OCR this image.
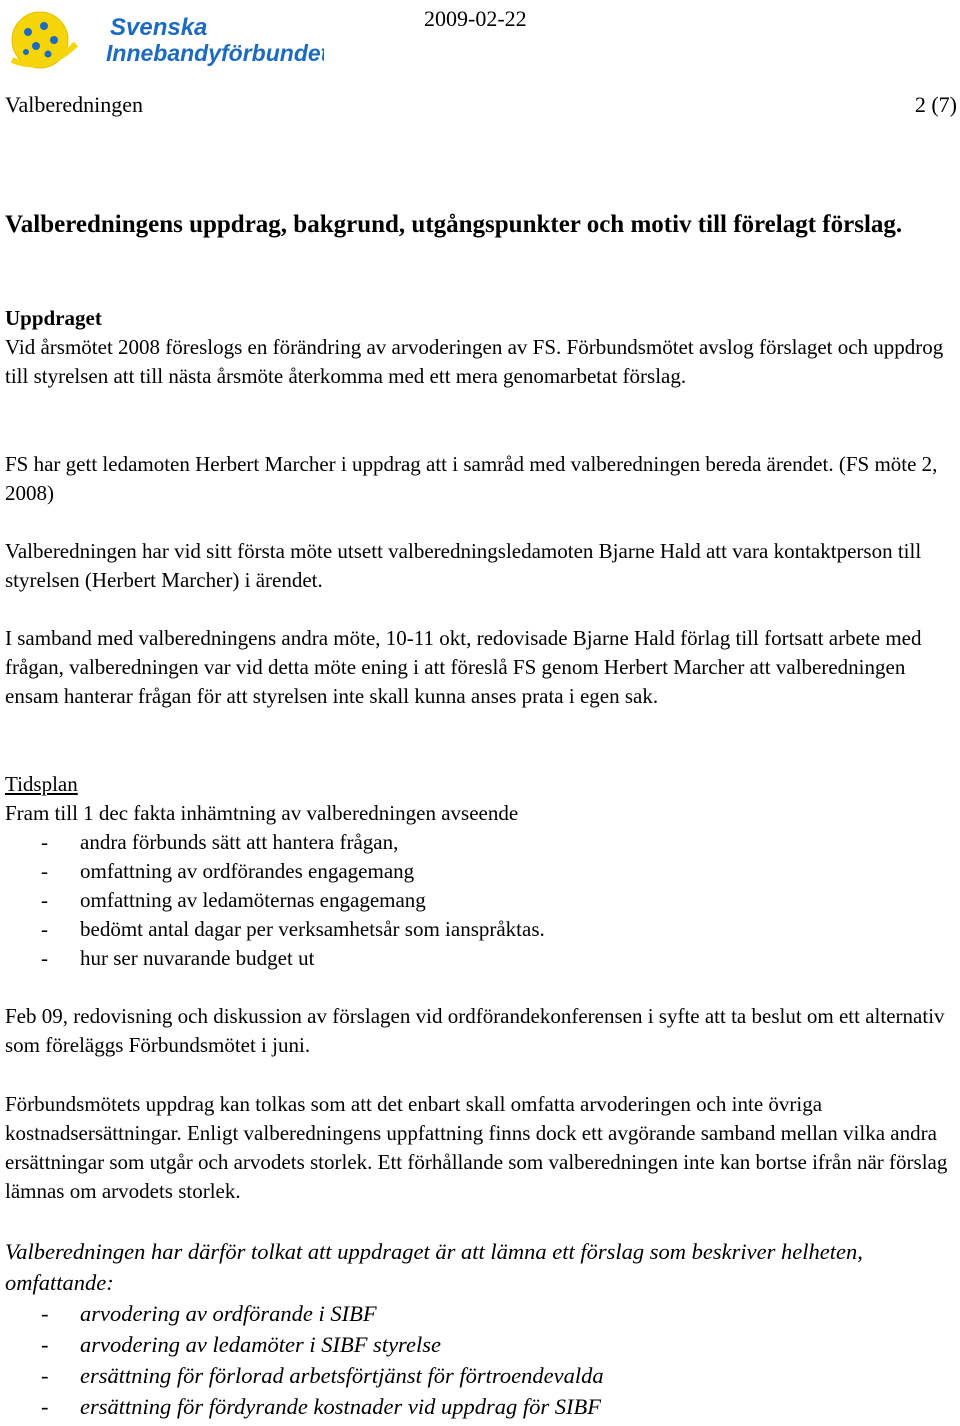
Svenska
Innebandyförbundet
2009-02-22
Valberedningen	2 (7)
Valberedningens uppdrag, bakgrund, utgångspunkter och motiv till förelagt förslag.

Uppdraget

Vid årsmötet 2008 föreslogs en förändring av arvoderingen av FS. Förbundsmötet avslog förslaget och uppdrog till styrelsen att till nästa årsmöte återkomma med ett mera genomarbetat förslag.

FS har gett ledamoten Herbert Marcher i uppdrag att i samråd med valberedningen bereda ärendet. (FS möte 2, 2008)

Valberedningen har vid sitt första möte utsett valberedningsledamoten Bjarne Hald att vara kontaktperson till styrelsen (Herbert Marcher) i ärendet.

I samband med valberedningens andra möte, 10-11 okt, redovisade Bjarne Hald förlag till fortsatt arbete med frågan, valberedningen var vid detta möte ening i att föreslå FS genom Herbert Marcher att valberedningen ensam hanterar frågan för att styrelsen inte skall kunna anses prata i egen sak.

Tidsplan

Fram till 1 dec fakta inhämtning av valberedningen avseende

- andra förbunds sätt att hantera frågan,
- omfattning av ordförandes engagemang
- omfattning av ledamöternas engagemang
- bedömt antal dagar per verksamhetsår som ianspråktas.
- hur ser nuvarande budget ut

Feb 09, redovisning och diskussion av förslagen vid ordförandekonferensen i syfte att ta beslut om ett alternativ som föreläggs Förbundsmötet i juni.

Förbundsmötets uppdrag kan tolkas som att det enbart skall omfatta arvoderingen och inte övriga kostnadsersättningar. Enligt valberedningens uppfattning finns dock ett avgörande samband mellan vilka andra ersättningar som utgår och arvodets storlek. Ett förhållande som valberedningen inte kan bortse ifrån när förslag lämnas om arvodets storlek.

Valberedningen har därför tolkat att uppdraget är att lämna ett förslag som beskriver helheten, omfattande:

- arvodering av ordförande i SIBF
- arvodering av ledamöter i SIBF styrelse
- ersättning för förlorad arbetsförtjänst för förtroendevalda
- ersättning för fördyrande kostnader vid uppdrag för SIBF
